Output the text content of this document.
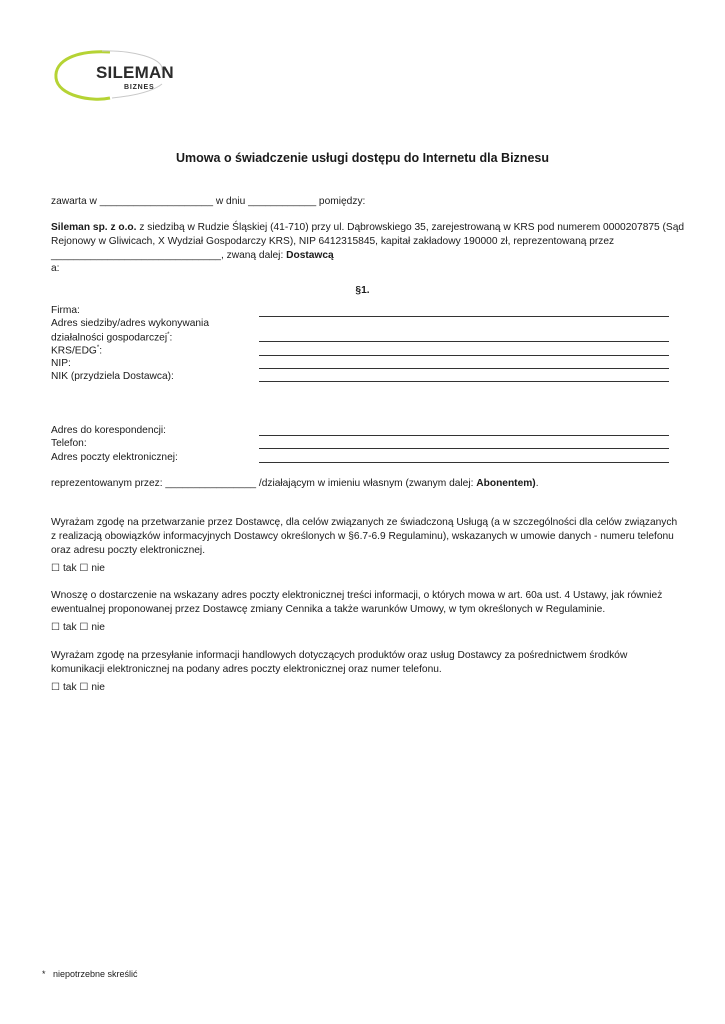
SILEMAN
BIZNES
Umowa o świadczenie usługi dostępu do Internetu dla Biznesu
zawarta w ____________________ w dniu ____________ pomiędzy:
Sileman sp. z o.o. z siedzibą w Rudzie Śląskiej (41-710) przy ul. Dąbrowskiego 35, zarejestrowaną w KRS pod numerem 0000207875 (Sąd
Rejonowy w Gliwicach, X Wydział Gospodarczy KRS), NIP 6412315845, kapitał zakładowy 190000 zł, reprezentowaną przez
______________________________, zwaną dalej: Dostawcą
a:
§1.
Firma:
Adres siedziby/adres wykonywania
działalności gospodarczej*:
KRS/EDG*:
NIP:
NIK (przydziela Dostawca):
Adres do korespondencji:
Telefon:
Adres poczty elektronicznej:
reprezentowanym przez: ________________ /działającym w imieniu własnym (zwanym dalej: Abonentem).
Wyrażam zgodę na przetwarzanie przez Dostawcę, dla celów związanych ze świadczoną Usługą (a w szczególności dla celów związanych
z realizacją obowiązków informacyjnych Dostawcy określonych w §6.7-6.9 Regulaminu), wskazanych w umowie danych - numeru telefonu
oraz adresu poczty elektronicznej.
☐ tak ☐ nie
Wnoszę o dostarczenie na wskazany adres poczty elektronicznej treści informacji, o których mowa w art. 60a ust. 4 Ustawy, jak również
ewentualnej proponowanej przez Dostawcę zmiany Cennika a także warunków Umowy, w tym określonych w Regulaminie.
☐ tak ☐ nie
Wyrażam zgodę na przesyłanie informacji handlowych dotyczących produktów oraz usług Dostawcy za pośrednictwem środków
komunikacji elektronicznej na podany adres poczty elektronicznej oraz numer telefonu.
☐ tak ☐ nie
*   niepotrzebne skreślić
